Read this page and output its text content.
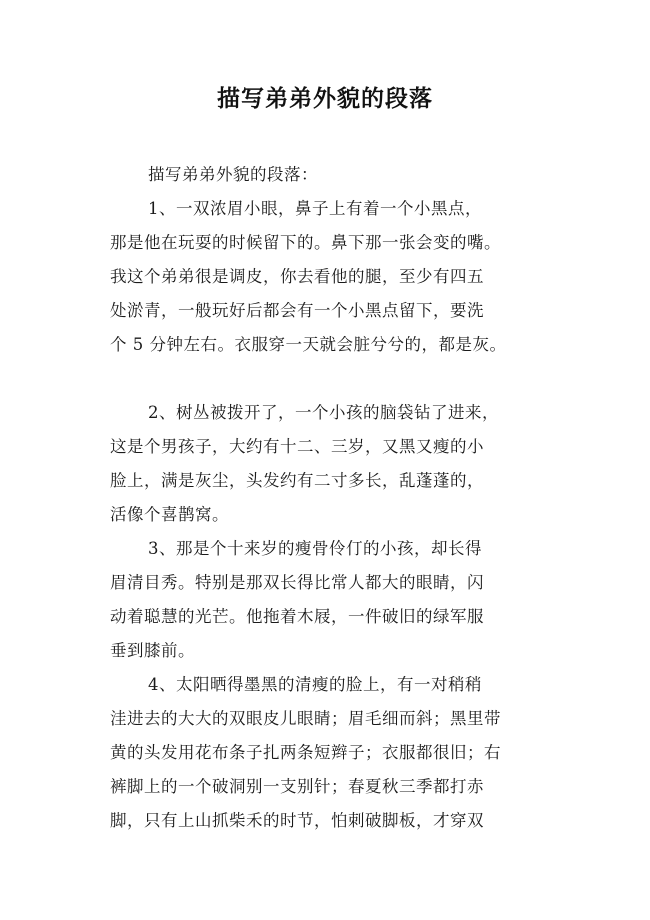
描写弟弟外貌的段落
描写弟弟外貌的段落：
1、一双浓眉小眼，鼻子上有着一个小黑点，
那是他在玩耍的时候留下的。鼻下那一张会变的嘴。
我这个弟弟很是调皮，你去看他的腿，至少有四五
处淤青，一般玩好后都会有一个小黑点留下，要洗
个 5 分钟左右。衣服穿一天就会脏兮兮的，都是灰。
2、树丛被拨开了，一个小孩的脑袋钻了进来，
这是个男孩子，大约有十二、三岁，又黑又瘦的小
脸上，满是灰尘，头发约有二寸多长，乱蓬蓬的，
活像个喜鹊窝。
3、那是个十来岁的瘦骨伶仃的小孩，却长得
眉清目秀。特别是那双长得比常人都大的眼睛，闪
动着聪慧的光芒。他拖着木屐，一件破旧的绿军服
垂到膝前。
4、太阳晒得墨黑的清瘦的脸上，有一对稍稍
洼进去的大大的双眼皮儿眼睛；眉毛细而斜；黑里带
黄的头发用花布条子扎两条短辫子；衣服都很旧；右
裤脚上的一个破洞别一支别针；春夏秋三季都打赤
脚，只有上山抓柴禾的时节，怕刺破脚板，才穿双
